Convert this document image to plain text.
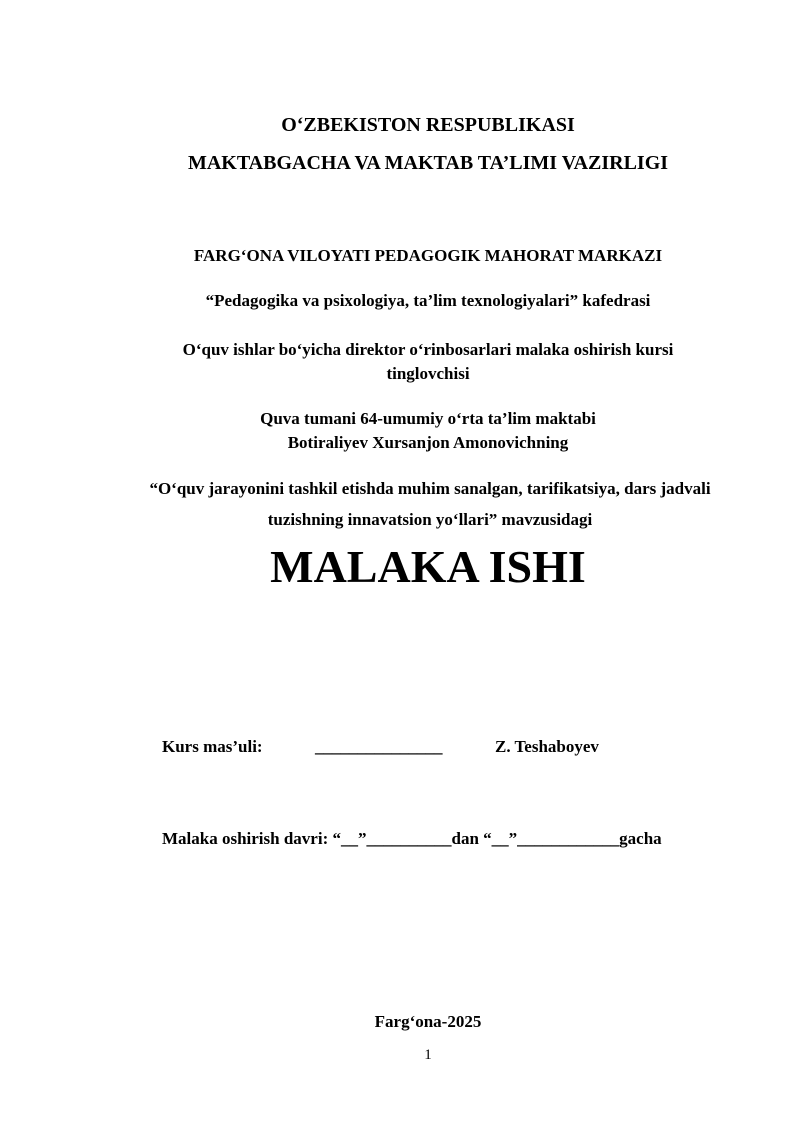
O‘ZBEKISTON RESPUBLIKASI
MAKTABGACHA VA MAKTAB TA’LIMI VAZIRLIGI
FARG‘ONA VILOYATI PEDAGOGIK MAHORAT MARKAZI
“Pedagogika va psixologiya, ta’lim texnologiyalari” kafedrasi
O‘quv ishlar bo‘yicha direktor o‘rinbosarlari malaka oshirish kursi
tinglovchisi
Quva tumani 64-umumiy o‘rta ta’lim maktabi
Botiraliyev Xursanjon Amonovichning
“O‘quv jarayonini tashkil etishda muhim sanalgan, tarifikatsiya, dars jadvali
tuzishning innavatsion yo‘llari” mavzusidagi
MALAKA ISHI
Kurs mas’uli:	_______________	Z. Teshaboyev
Malaka oshirish davri: “__”__________dan “__”____________gacha
Farg‘ona-2025
1
